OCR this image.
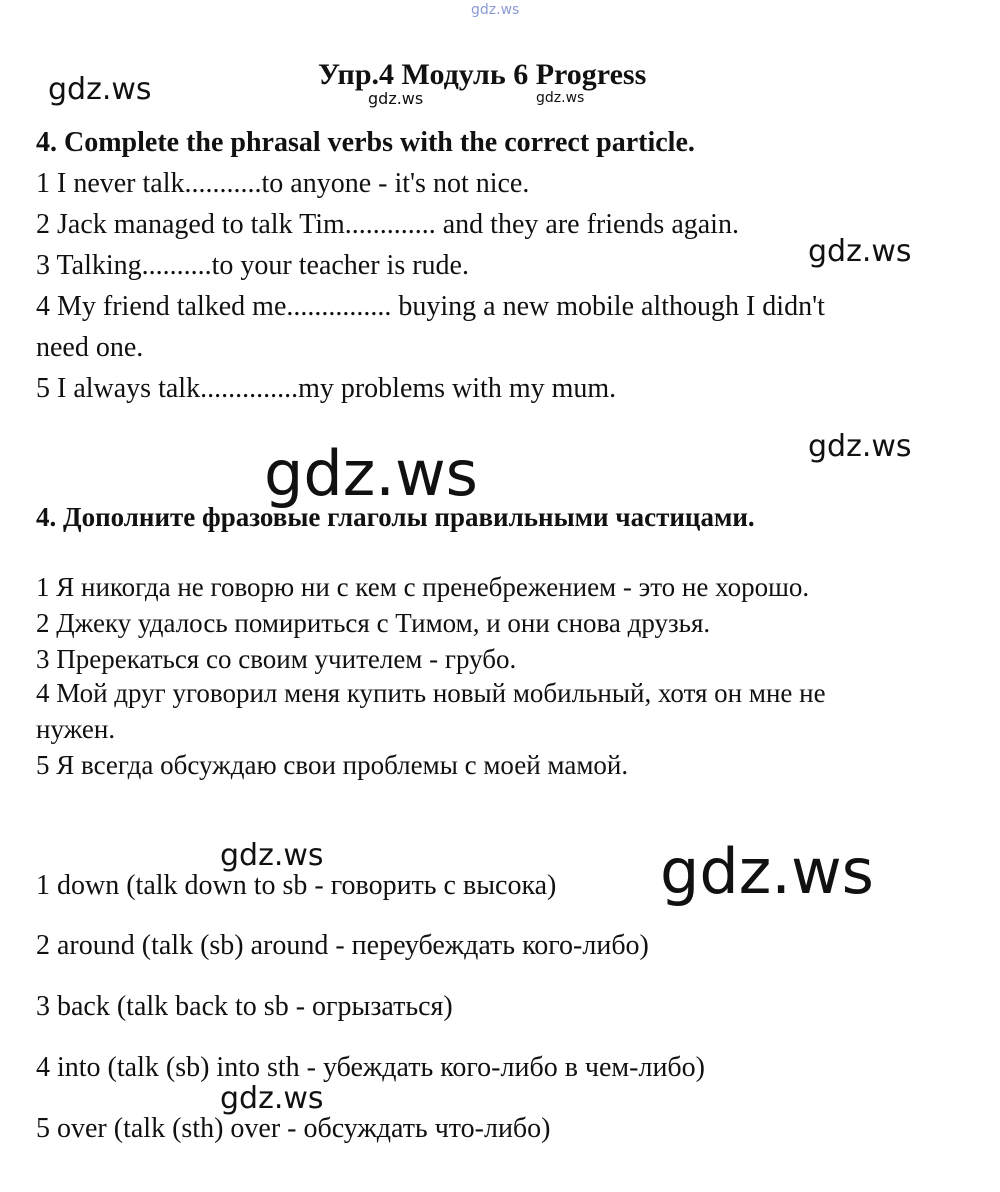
gdz.ws
gdz.ws	gdz.ws	gdz.ws
gdz.ws
gdz.ws
gdz.ws
gdz.ws	gdz.ws
gdz.ws
Упр.4 Модуль 6 Progress
4. Complete the phrasal verbs with the correct particle.
1 I never talk...........to anyone - it's not nice.
2 Jack managed to talk Tim............. and they are friends again.
3 Talking..........to your teacher is rude.
4 My friend talked me............... buying a new mobile although I didn't
need one.
5 I always talk..............my problems with my mum.
4. Дополните фразовые глаголы правильными частицами.
1 Я никогда не говорю ни с кем с пренебрежением - это не хорошо.
2 Джеку удалось помириться с Тимом, и они снова друзья.
3 Пререкаться со своим учителем - грубо.
4 Мой друг уговорил меня купить новый мобильный, хотя он мне не
нужен.
5 Я всегда обсуждаю свои проблемы с моей мамой.
1 down (talk down to sb - говорить с высока)
2 around (talk (sb) around - переубеждать кого-либо)
3 back (talk back to sb - огрызаться)
4 into (talk (sb) into sth - убеждать кого-либо в чем-либо)
5 over (talk (sth) over - обсуждать что-либо)
